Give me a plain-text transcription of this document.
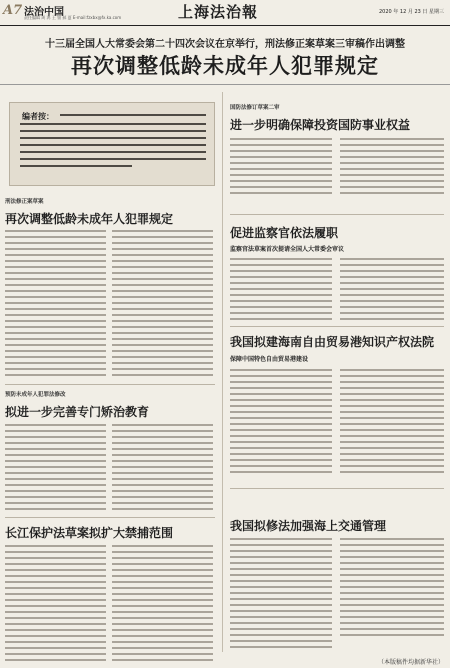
A7 法治中国
责任编辑 周 鸿 王 银 郝 夏 E-mail:fzxbx@fx.ka.com	上海法治報	2020 年 12 月 23 日 星期三
十三届全国人大常委会第二十四次会议在京举行，刑法修正案草案三审稿作出调整
再次调整低龄未成年人犯罪规定
编者按：
刑法修正案草案
再次调整低龄未成年人犯罪规定
预防未成年人犯罪法修改
拟进一步完善专门矫治教育
长江保护法草案拟扩大禁捕范围
国防法修订草案二审
进一步明确保障投资国防事业权益
促进监察官依法履职
监察官法草案首次提请全国人大常委会审议
我国拟建海南自由贸易港知识产权法院
保障中国特色自由贸易港建设
我国拟修法加强海上交通管理
（本版稿件均据新华社）
